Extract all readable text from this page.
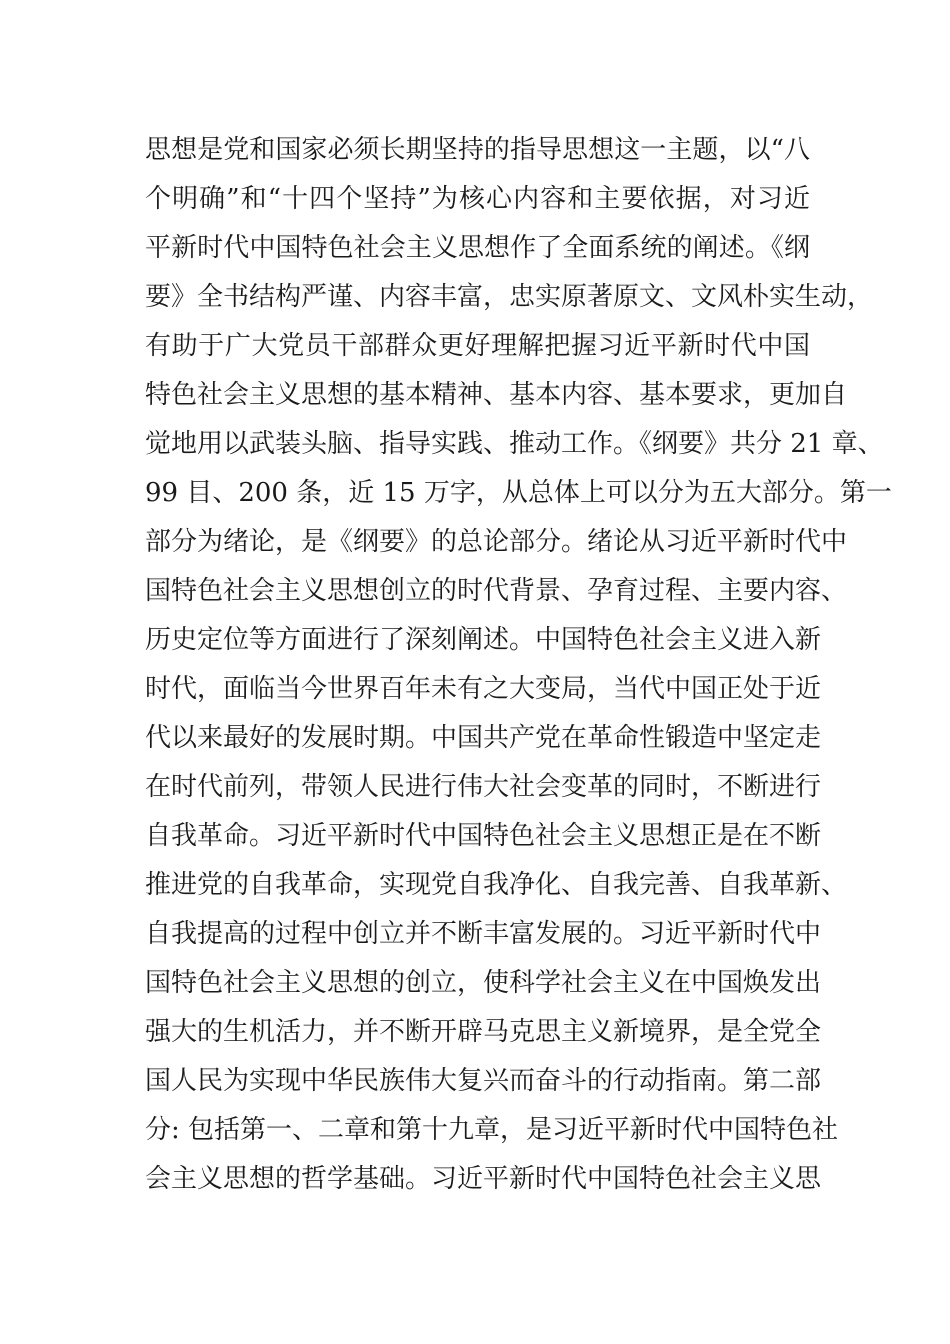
思想是党和国家必须长期坚持的指导思想这一主题，以“八
个明确”和“十四个坚持”为核心内容和主要依据，对习近
平新时代中国特色社会主义思想作了全面系统的阐述。《纲
要》全书结构严谨、内容丰富，忠实原著原文、文风朴实生动，
有助于广大党员干部群众更好理解把握习近平新时代中国
特色社会主义思想的基本精神、基本内容、基本要求，更加自
觉地用以武装头脑、指导实践、推动工作。《纲要》共分 21 章、
99 目、200 条，近 15 万字，从总体上可以分为五大部分。第一
部分为绪论，是《纲要》的总论部分。绪论从习近平新时代中
国特色社会主义思想创立的时代背景、孕育过程、主要内容、
历史定位等方面进行了深刻阐述。中国特色社会主义进入新
时代，面临当今世界百年未有之大变局，当代中国正处于近
代以来最好的发展时期。中国共产党在革命性锻造中坚定走
在时代前列，带领人民进行伟大社会变革的同时，不断进行
自我革命。习近平新时代中国特色社会主义思想正是在不断
推进党的自我革命，实现党自我净化、自我完善、自我革新、
自我提高的过程中创立并不断丰富发展的。习近平新时代中
国特色社会主义思想的创立，使科学社会主义在中国焕发出
强大的生机活力，并不断开辟马克思主义新境界，是全党全
国人民为实现中华民族伟大复兴而奋斗的行动指南。第二部
分: 包括第一、二章和第十九章，是习近平新时代中国特色社
会主义思想的哲学基础。习近平新时代中国特色社会主义思
